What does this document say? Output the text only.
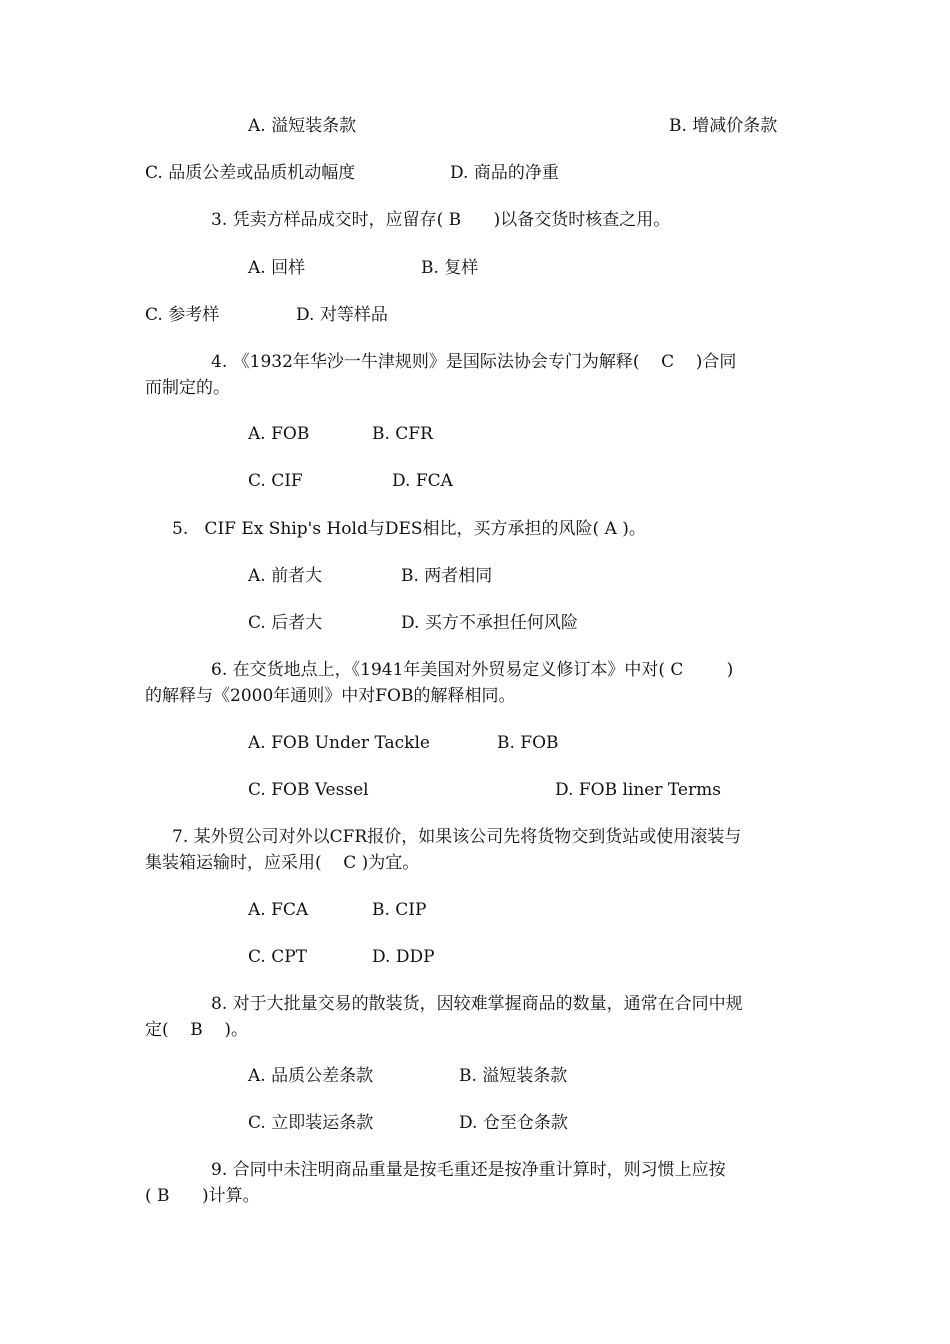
A. 溢短装条款	B. 增减价条款
C. 品质公差或品质机动幅度	D. 商品的净重
3. 凭卖方样品成交时，应留存( B      )以备交货时核查之用。
A. 回样	B. 复样
C. 参考样	D. 对等样品
4. 《1932年华沙一牛津规则》是国际法协会专门为解释(    C    )合同
而制定的。
A. FOB	B. CFR
C. CIF	D. FCA
5.   CIF Ex Ship's Hold与DES相比，买方承担的风险( A )。
A. 前者大	B. 两者相同
C. 后者大	D. 买方不承担任何风险
6. 在交货地点上，《1941年美国对外贸易定义修订本》中对( C        )
的解释与《2000年通则》中对FOB的解释相同。
A. FOB Under Tackle	B. FOB
C. FOB Vessel	D. FOB liner Terms
7. 某外贸公司对外以CFR报价，如果该公司先将货物交到货站或使用滚装与
集装箱运输时，应采用(    C )为宜。
A. FCA	B. CIP
C. CPT	D. DDP
8. 对于大批量交易的散装货，因较难掌握商品的数量，通常在合同中规
定(    B    )。
A. 品质公差条款	B. 溢短装条款
C. 立即装运条款	D. 仓至仓条款
9. 合同中未注明商品重量是按毛重还是按净重计算时，则习惯上应按
( B      )计算。
